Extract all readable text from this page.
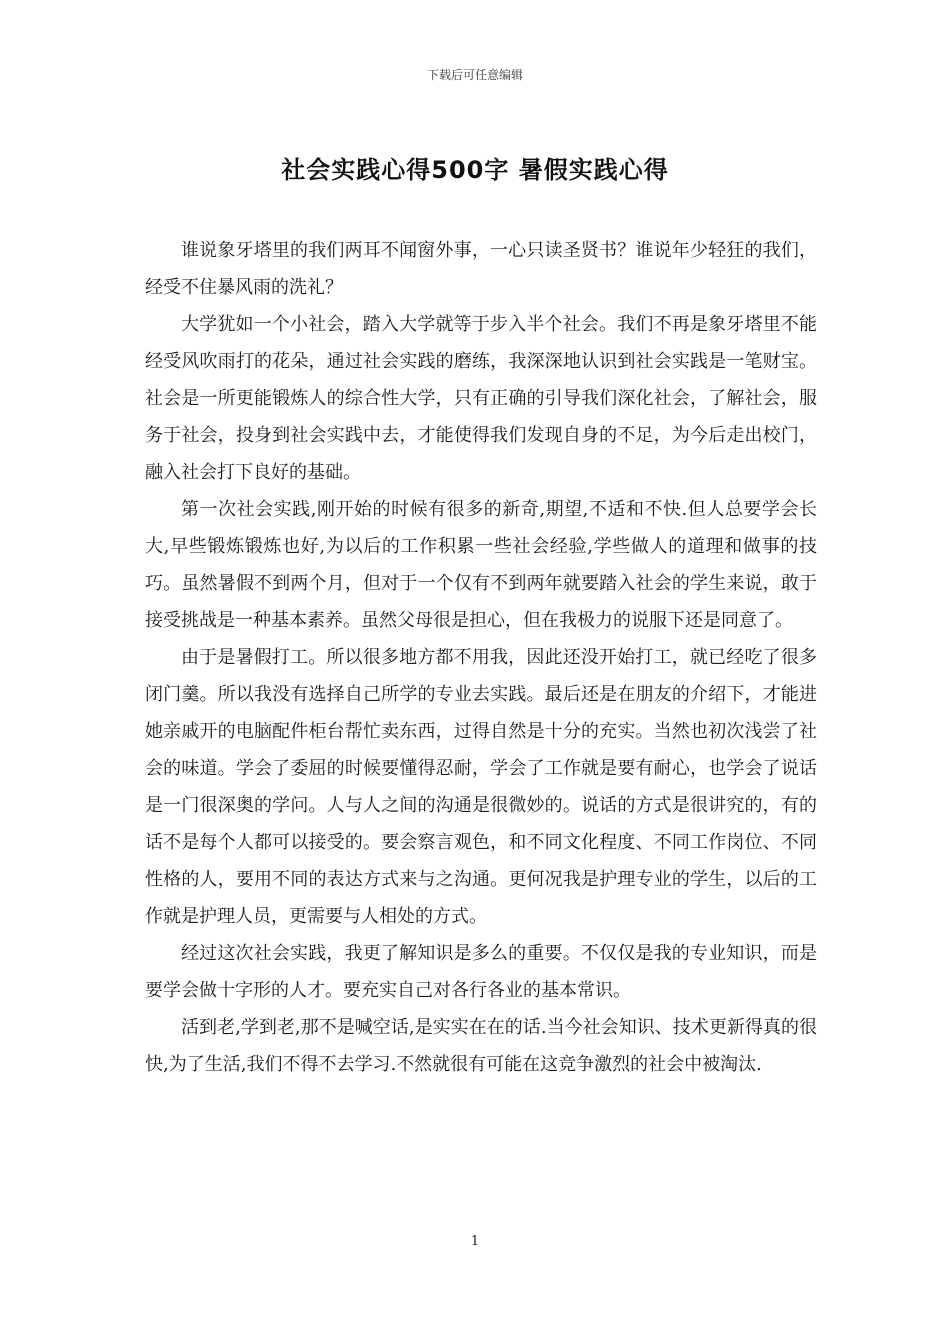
下载后可任意编辑
社会实践心得500字 暑假实践心得

谁说象牙塔里的我们两耳不闻窗外事，一心只读圣贤书？谁说年少轻狂的我们，经受不住暴风雨的洗礼？

大学犹如一个小社会，踏入大学就等于步入半个社会。我们不再是象牙塔里不能经受风吹雨打的花朵，通过社会实践的磨练，我深深地认识到社会实践是一笔财宝。社会是一所更能锻炼人的综合性大学，只有正确的引导我们深化社会，了解社会，服务于社会，投身到社会实践中去，才能使得我们发现自身的不足，为今后走出校门，融入社会打下良好的基础。

第一次社会实践,刚开始的时候有很多的新奇,期望,不适和不快.但人总要学会长大,早些锻炼锻炼也好,为以后的工作积累一些社会经验,学些做人的道理和做事的技巧。虽然暑假不到两个月，但对于一个仅有不到两年就要踏入社会的学生来说，敢于接受挑战是一种基本素养。虽然父母很是担心，但在我极力的说服下还是同意了。

由于是暑假打工。所以很多地方都不用我，因此还没开始打工，就已经吃了很多闭门羹。所以我没有选择自己所学的专业去实践。最后还是在朋友的介绍下，才能进她亲戚开的电脑配件柜台帮忙卖东西，过得自然是十分的充实。当然也初次浅尝了社会的味道。学会了委屈的时候要懂得忍耐，学会了工作就是要有耐心，也学会了说话是一门很深奥的学问。人与人之间的沟通是很微妙的。说话的方式是很讲究的，有的话不是每个人都可以接受的。要会察言观色，和不同文化程度、不同工作岗位、不同性格的人，要用不同的表达方式来与之沟通。更何况我是护理专业的学生，以后的工作就是护理人员，更需要与人相处的方式。

经过这次社会实践，我更了解知识是多么的重要。不仅仅是我的专业知识，而是要学会做十字形的人才。要充实自己对各行各业的基本常识。

活到老,学到老,那不是喊空话,是实实在在的话.当今社会知识、技术更新得真的很快,为了生活,我们不得不去学习.不然就很有可能在这竞争激烈的社会中被淘汰.

1
